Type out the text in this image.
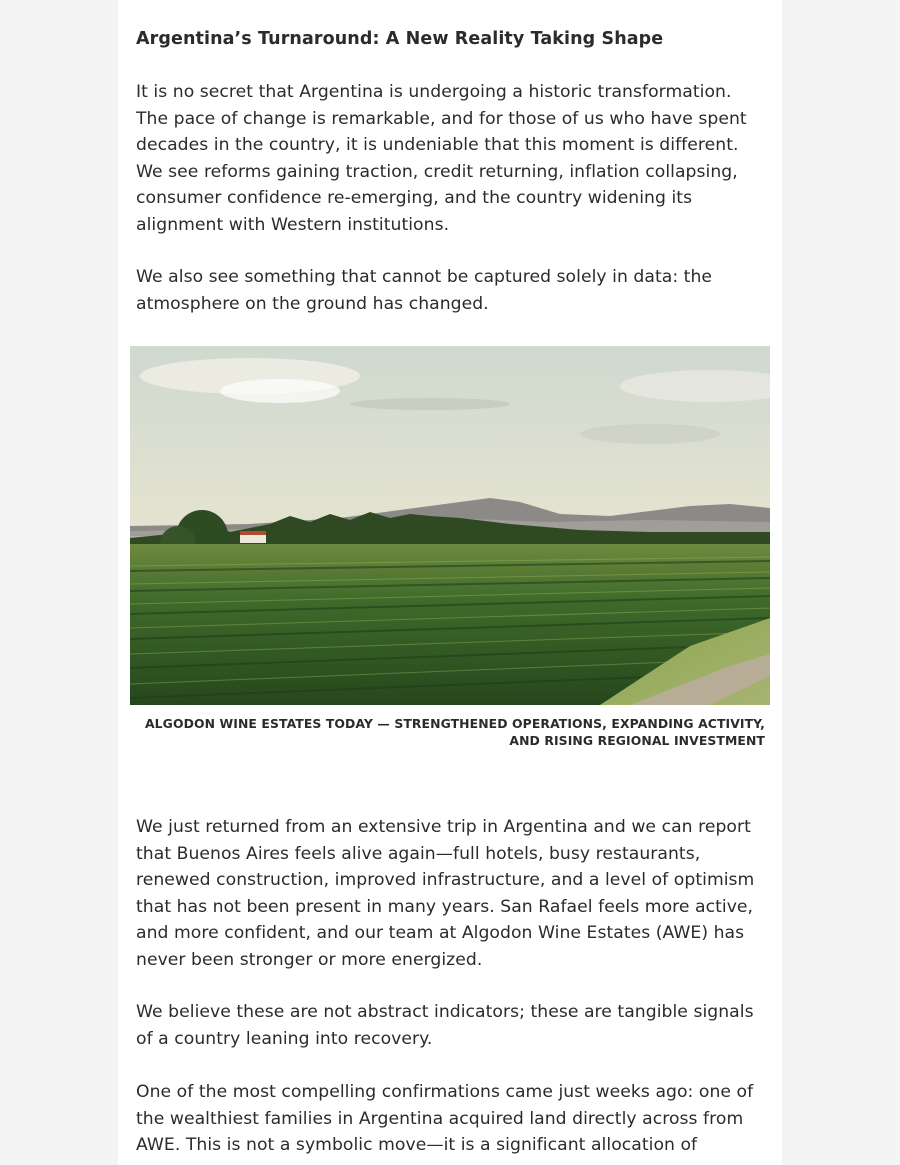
Argentina’s Turnaround: A New Reality Taking Shape

It is no secret that Argentina is undergoing a historic transformation. The pace of change is remarkable, and for those of us who have spent decades in the country, it is undeniable that this moment is different. We see reforms gaining traction, credit returning, inflation collapsing, consumer confidence re-emerging, and the country widening its alignment with Western institutions.

We also see something that cannot be captured solely in data: the atmosphere on the ground has changed.

ALGODON WINE ESTATES TODAY — STRENGTHENED OPERATIONS, EXPANDING ACTIVITY, AND RISING REGIONAL INVESTMENT

We just returned from an extensive trip in Argentina and we can report that Buenos Aires feels alive again—full hotels, busy restaurants, renewed construction, improved infrastructure, and a level of optimism that has not been present in many years. San Rafael feels more active, and more confident, and our team at Algodon Wine Estates (AWE) has never been stronger or more energized.

We believe these are not abstract indicators; these are tangible signals of a country leaning into recovery.

One of the most compelling confirmations came just weeks ago: one of the wealthiest families in Argentina acquired land directly across from AWE. This is not a symbolic move—it is a significant allocation of
